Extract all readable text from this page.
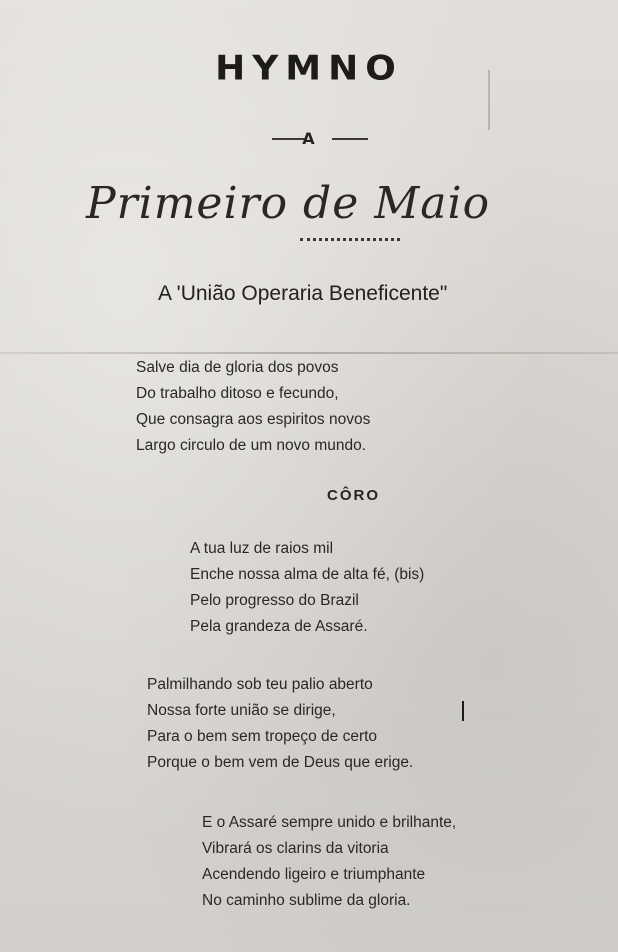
HYMNO
A
Primeiro de Maio
A 'União Operaria Beneficente"
Salve dia de gloria dos povos
Do trabalho ditoso e fecundo,
Que consagra aos espiritos novos
Largo circulo de um novo mundo.
CÔRO
A tua luz de raios mil
Enche nossa alma de alta fé, (bis)
Pelo progresso do Brazil
Pela grandeza de Assaré.
Palmilhando sob teu palio aberto
Nossa forte união se dirige,
Para o bem sem tropeço de certo
Porque o bem vem de Deus que erige.
E o Assaré sempre unido e brilhante,
Vibrará os clarins da vitoria
Acendendo ligeiro e triumphante
No caminho sublime da gloria.
